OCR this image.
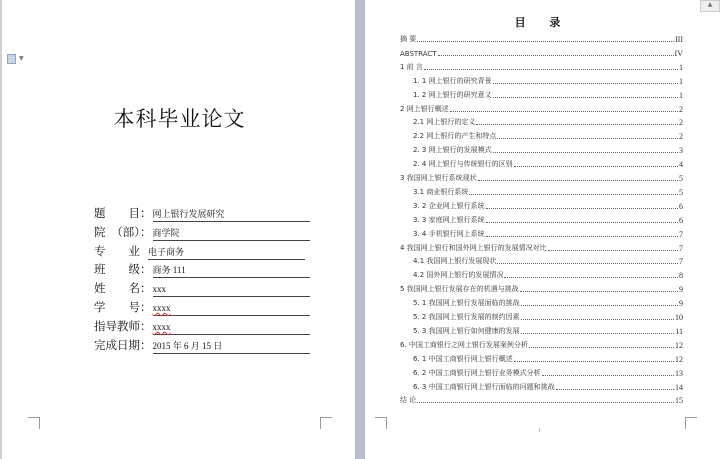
▼
本科毕业论文
题　　目： 网上银行发展研究
院　（部）： 商学院
专　　业 电子商务
班　　级： 商务 111
姓　　名： xxx
学　　号： xxxx
指导教师： xxxx
完成日期： 2015 年 6 月 15 日
▲
目 录
摘 要	III
ABSTRACT	IV
1 前 言	1
1. 1 网上银行的研究背景	1
1. 2 网上银行的研究意义	1
2 网上银行概述	2
2.1 网上银行的定义	2
2.2 网上银行的产生和特点	2
2. 3 网上银行的发展模式	3
2. 4 网上银行与传统银行的区别	4
3 我国网上银行系统现状	5
3.1 商业银行系统	5
3. 2 企业网上银行系统	6
3. 3 家庭网上银行系统	6
3. 4 手机银行网上系统	7
4 我国网上银行和国外网上银行的发展情况对比	7
4.1 我国网上银行发展现状	7
4.2 国外网上银行的发展情况	8
5 我国网上银行发展存在的机遇与挑战	9
5. 1 我国网上银行发展面临的挑战	9
5. 2 我国网上银行发展的制约因素	10
5. 3 我国网上银行如何健康的发展	11
6. 中国工商银行之网上银行发展案例分析	12
6. 1 中国工商银行网上银行概述	12
6. 2 中国工商银行网上银行业务模式分析	13
6. 3 中国工商银行网上银行面临的问题和挑战	14
结 论	15
I
